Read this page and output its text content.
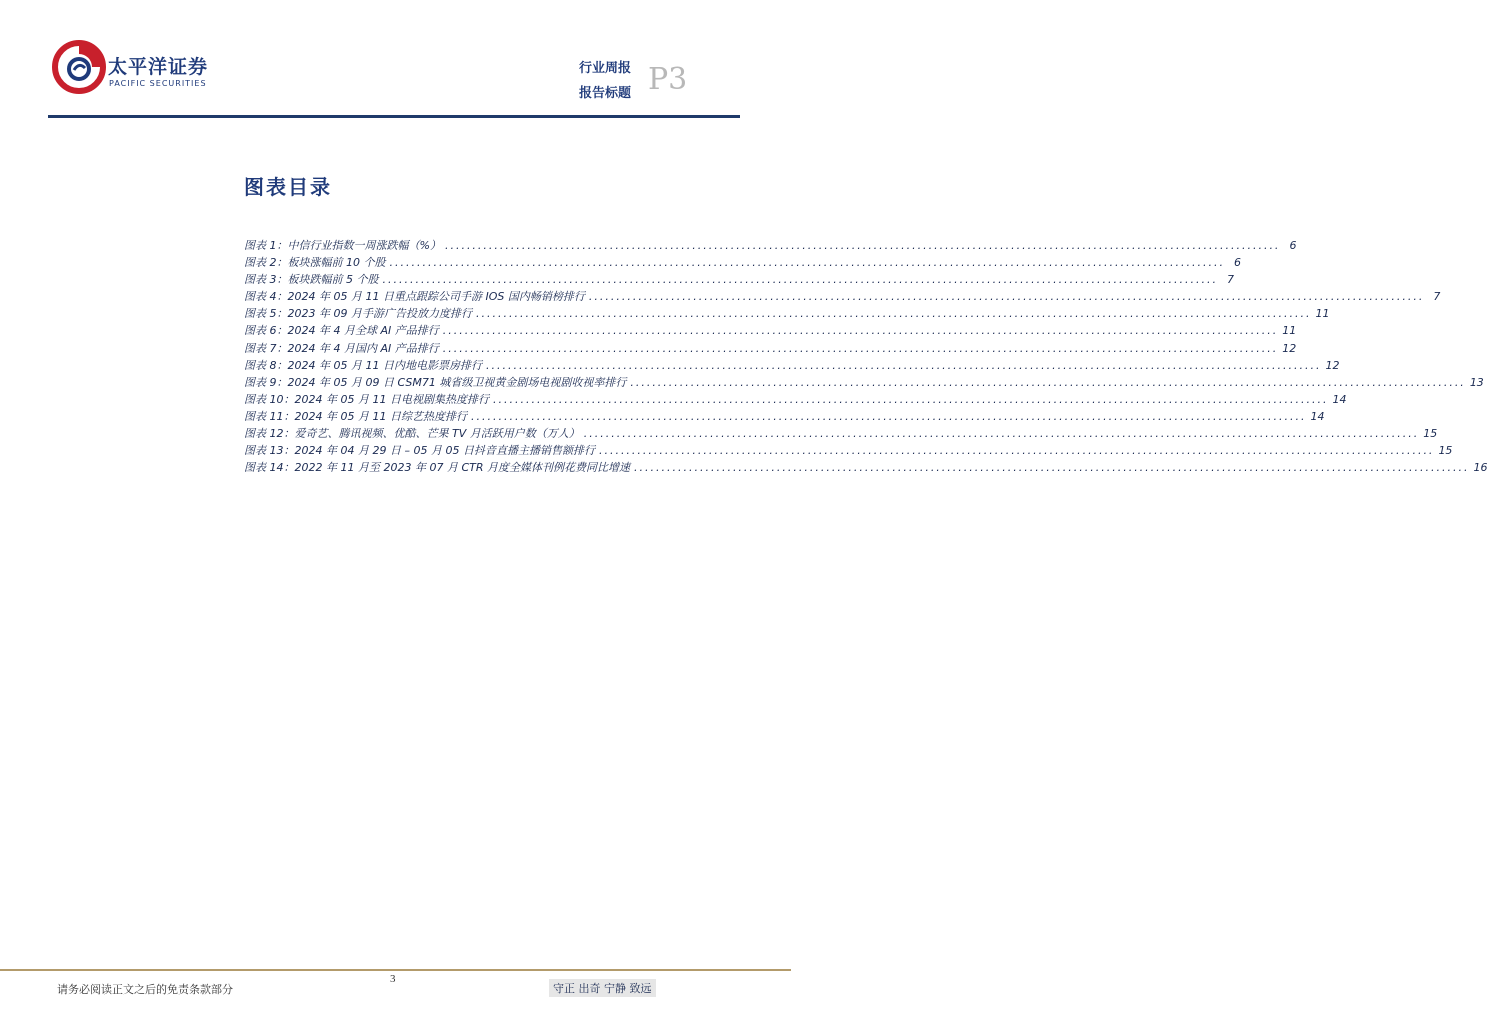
太平洋证券
PACIFIC SECURITIES
行业周报
报告标题 P3
图表目录
图表 1：中信行业指数一周涨跌幅（%） .....	6
图表 2：板块涨幅前 10 个股 .....	6
图表 3：板块跌幅前 5 个股 .....	7
图表 4：2024 年 05 月 11 日重点跟踪公司手游 IOS 国内畅销榜排行 .....	7
图表 5：2023 年 09 月手游广告投放力度排行 .....	11
图表 6：2024 年 4 月全球 AI 产品排行 .....	11
图表 7：2024 年 4 月国内 AI 产品排行 .....	12
图表 8：2024 年 05 月 11 日内地电影票房排行 .....	12
图表 9：2024 年 05 月 09 日 CSM71 城省级卫视黄金剧场电视剧收视率排行 .....	13
图表 10：2024 年 05 月 11 日电视剧集热度排行 .....	14
图表 11：2024 年 05 月 11 日综艺热度排行 .....	14
图表 12：爱奇艺、腾讯视频、优酷、芒果 TV 月活跃用户数（万人） .....	15
图表 13：2024 年 04 月 29 日 – 05 月 05 日抖音直播主播销售额排行 .....	15
图表 14：2022 年 11 月至 2023 年 07 月 CTR 月度全媒体刊例花费同比增速 .....	16
3
请务必阅读正文之后的免责条款部分	守正 出奇 宁静 致远
